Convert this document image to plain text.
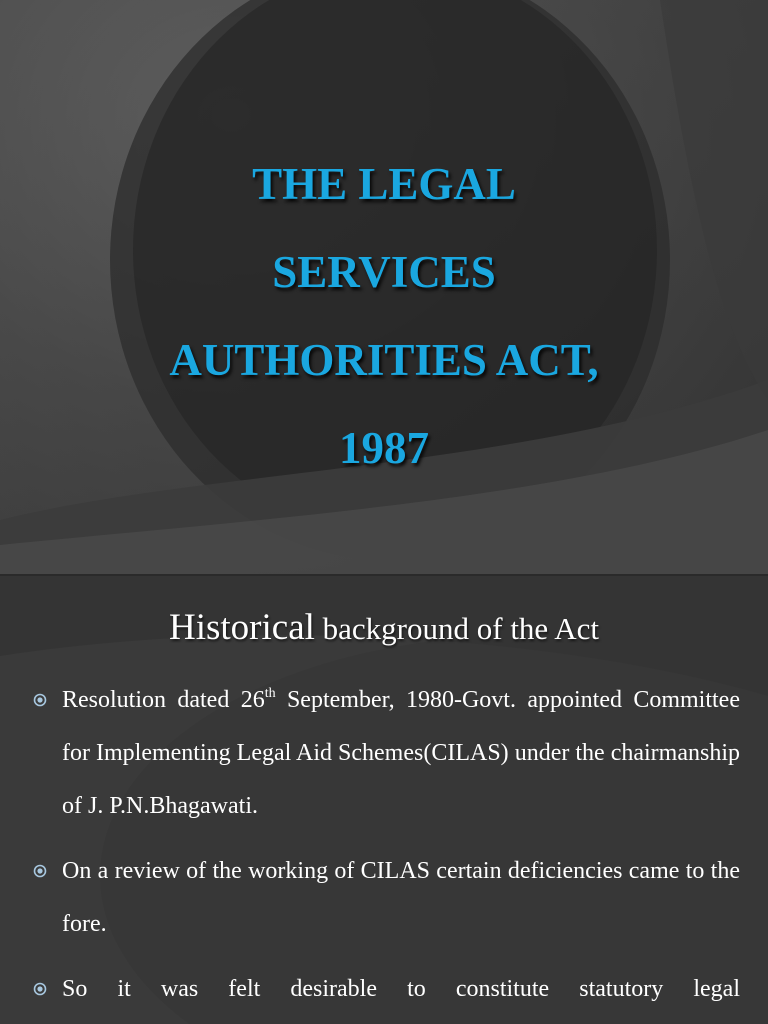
THE LEGAL
SERVICES
AUTHORITIES ACT,
1987
Historical background of the Act
Resolution dated 26th September, 1980-Govt. appointed Committee for Implementing Legal Aid Schemes(CILAS) under the chairmanship of J. P.N.Bhagawati.
On a review of the working of CILAS certain deficiencies came to the fore.
So it was felt desirable to constitute statutory legal
